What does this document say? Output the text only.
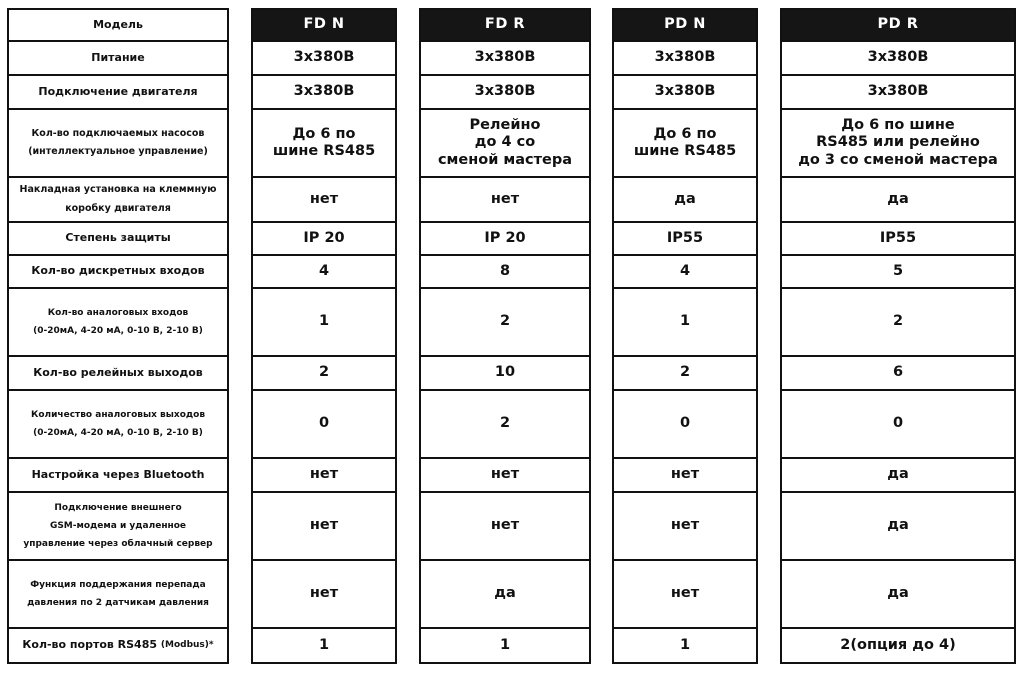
Модель
Питание
Подключение двигателя
Кол-во подключаемых насосов
(интеллектуальное управление)
Накладная установка на клеммную
коробку двигателя
Степень защиты
Кол-во дискретных входов
Кол-во аналоговых входов
(0-20мА, 4-20 мА, 0-10 В, 2-10 В)
Кол-во релейных выходов
Количество аналоговых выходов
(0-20мА, 4-20 мА, 0-10 В, 2-10 В)
Настройка через Bluetooth
Подключение внешнего
GSM-модема и удаленное
управление через облачный сервер
Функция поддержания перепада
давления по 2 датчикам давления
Кол-во портов RS485
(Modbus)*
FD N
3x380В
3x380В
До 6 по
шине RS485
нет
IP 20
4
1
2
0
нет
нет
нет
1
FD R
3x380В
3x380В
Релейно
до 4 со
сменой мастера
нет
IP 20
8
2
10
2
нет
нет
да
1
PD N
3x380В
3x380В
До 6 по
шине RS485
да
IP55
4
1
2
0
нет
нет
нет
1
PD R
3x380В
3x380В
До 6 по шине
RS485 или релейно
до 3 со сменой мастера
да
IP55
5
2
6
0
да
да
да
2(опция до 4)
